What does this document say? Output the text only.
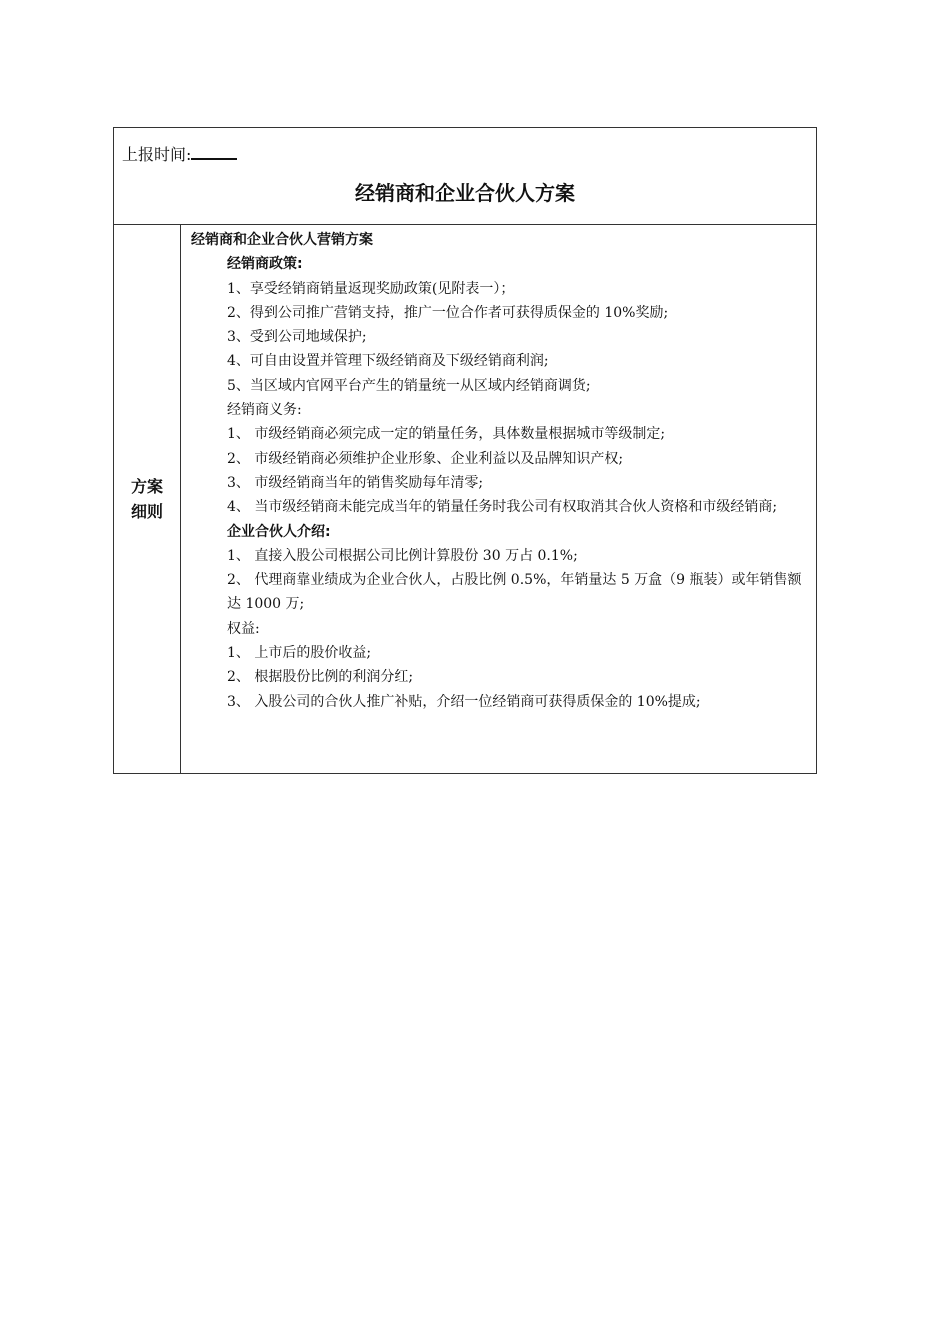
上报时间:
经销商和企业合伙人方案
方案
细则
经销商和企业合伙人营销方案
经销商政策:
1、享受经销商销量返现奖励政策(见附表一）；
2、得到公司推广营销支持，推广一位合作者可获得质保金的 10%奖励;
3、受到公司地域保护;
4、可自由设置并管理下级经销商及下级经销商利润;
5、当区域内官网平台产生的销量统一从区域内经销商调货;
经销商义务:
1、 市级经销商必须完成一定的销量任务，具体数量根据城市等级制定;
2、 市级经销商必须维护企业形象、企业利益以及品牌知识产权;
3、 市级经销商当年的销售奖励每年清零;
4、 当市级经销商未能完成当年的销量任务时我公司有权取消其合伙人资格和市级经销商;
企业合伙人介绍:
1、 直接入股公司根据公司比例计算股份 30 万占 0.1%;
2、 代理商靠业绩成为企业合伙人，占股比例 0.5%，年销量达 5 万盒（9 瓶装）或年销售额达 1000 万;
权益:
1、 上市后的股价收益;
2、 根据股份比例的利润分红;
3、 入股公司的合伙人推广补贴，介绍一位经销商可获得质保金的 10%提成;
